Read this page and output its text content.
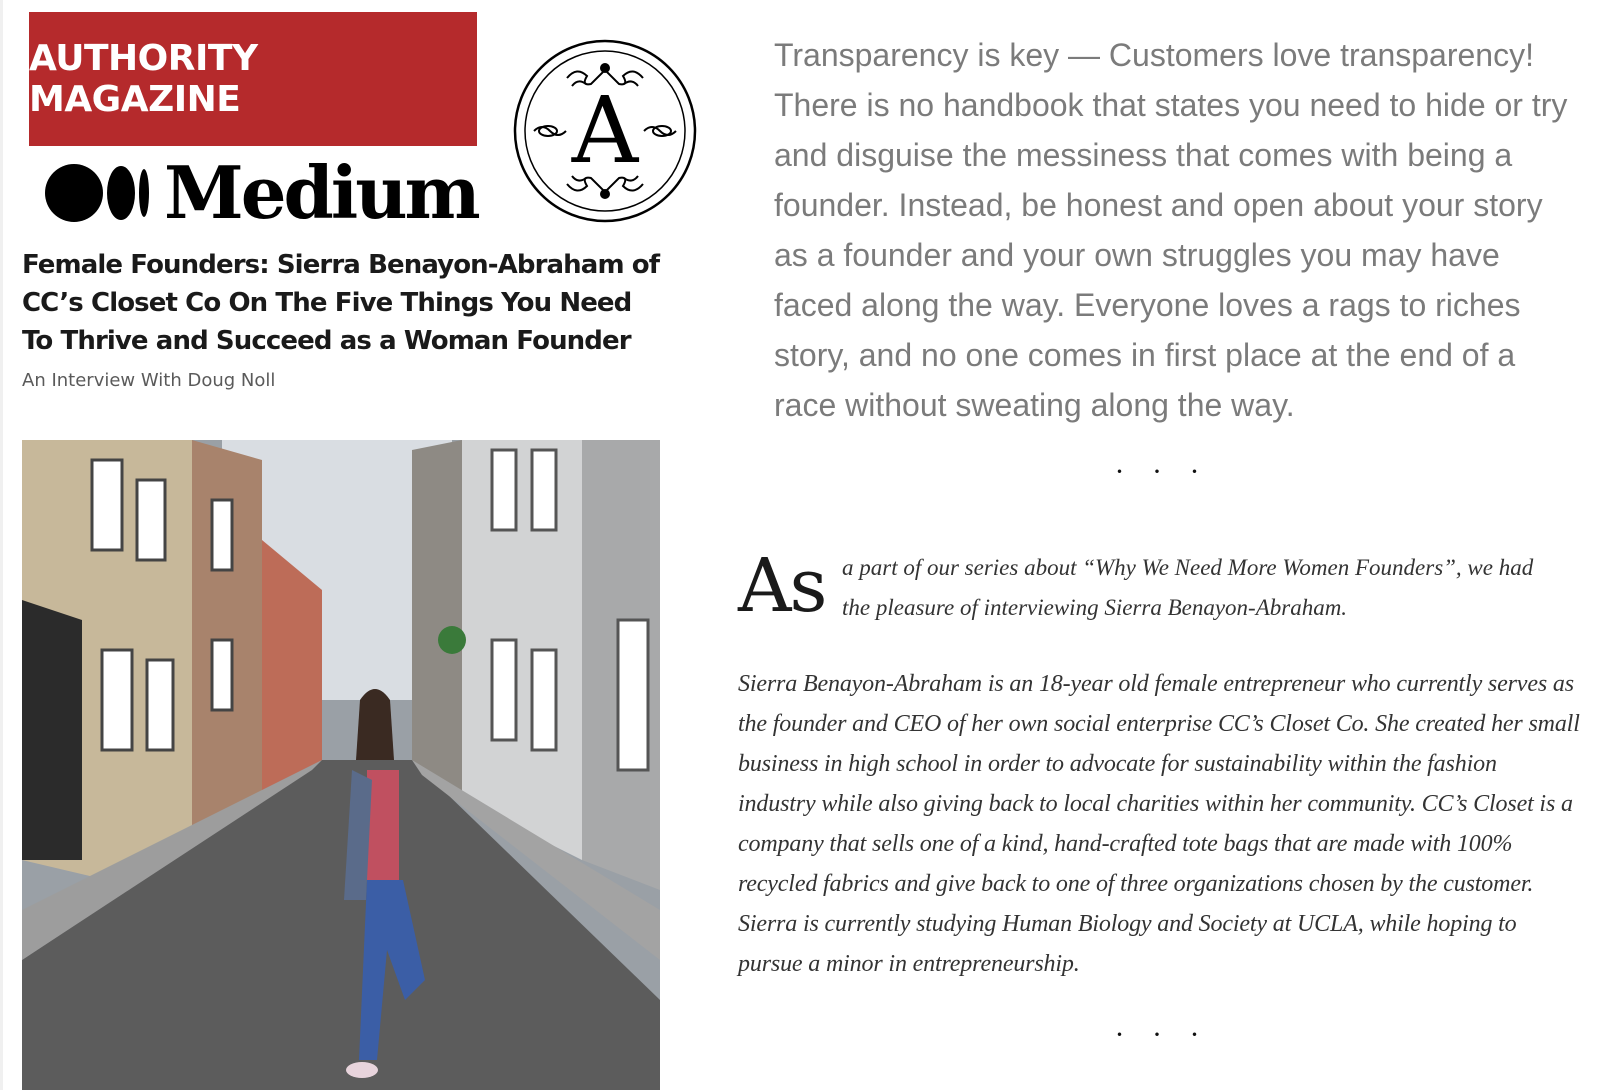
AUTHORITY MAGAZINE
Medium
A
Female Founders: Sierra Benayon-Abraham of CC’s Closet Co On The Five Things You Need To Thrive and Succeed as a Woman Founder
An Interview With Doug Noll

Transparency is key — Customers love transparency! There is no handbook that states you need to hide or try and disguise the messiness that comes with being a founder. Instead, be honest and open about your story as a founder and your own struggles you may have faced along the way. Everyone loves a rags to riches story, and no one comes in first place at the end of a race without sweating along the way.

· · ·
As a part of our series about “Why We Need More Women Founders”, we had the pleasure of interviewing Sierra Benayon-Abraham.

Sierra Benayon-Abraham is an 18-year old female entrepreneur who currently serves as the founder and CEO of her own social enterprise CC’s Closet Co. She created her small business in high school in order to advocate for sustainability within the fashion industry while also giving back to local charities within her community. CC’s Closet is a company that sells one of a kind, hand-crafted tote bags that are made with 100% recycled fabrics and give back to one of three organizations chosen by the customer. Sierra is currently studying Human Biology and Society at UCLA, while hoping to pursue a minor in entrepreneurship.

· · ·
